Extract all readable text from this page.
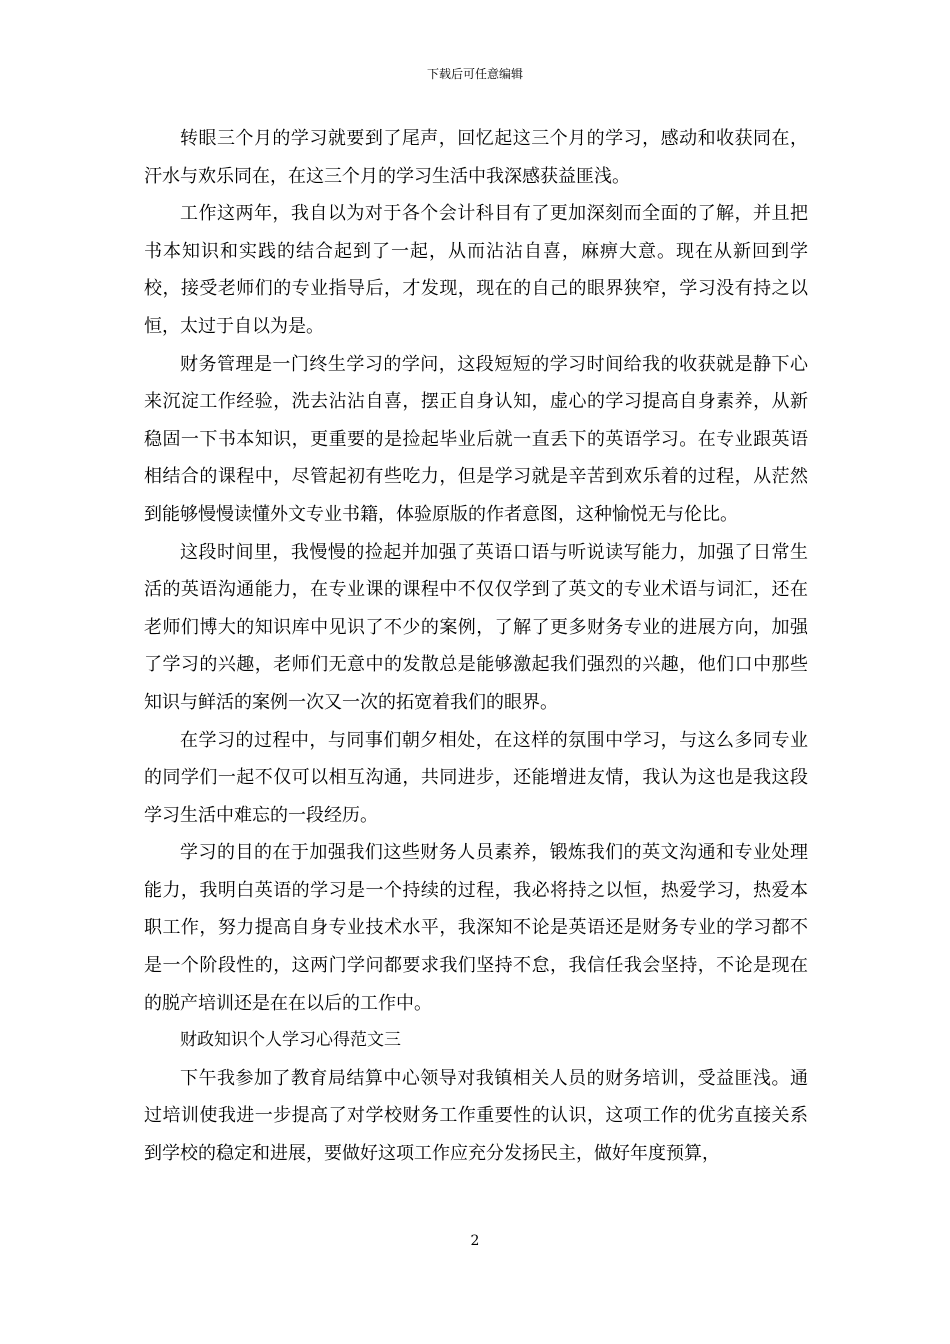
下载后可任意编辑

转眼三个月的学习就要到了尾声，回忆起这三个月的学习，感动和收获同在，汗水与欢乐同在，在这三个月的学习生活中我深感获益匪浅。

工作这两年，我自以为对于各个会计科目有了更加深刻而全面的了解，并且把书本知识和实践的结合起到了一起，从而沾沾自喜，麻痹大意。现在从新回到学校，接受老师们的专业指导后，才发现，现在的自己的眼界狭窄，学习没有持之以恒，太过于自以为是。

财务管理是一门终生学习的学问，这段短短的学习时间给我的收获就是静下心来沉淀工作经验，洗去沾沾自喜，摆正自身认知，虚心的学习提高自身素养，从新稳固一下书本知识，更重要的是捡起毕业后就一直丢下的英语学习。在专业跟英语相结合的课程中，尽管起初有些吃力，但是学习就是辛苦到欢乐着的过程，从茫然到能够慢慢读懂外文专业书籍，体验原版的作者意图，这种愉悦无与伦比。

这段时间里，我慢慢的捡起并加强了英语口语与听说读写能力，加强了日常生活的英语沟通能力，在专业课的课程中不仅仅学到了英文的专业术语与词汇，还在老师们博大的知识库中见识了不少的案例，了解了更多财务专业的进展方向，加强了学习的兴趣，老师们无意中的发散总是能够激起我们强烈的兴趣，他们口中那些知识与鲜活的案例一次又一次的拓宽着我们的眼界。

在学习的过程中，与同事们朝夕相处，在这样的氛围中学习，与这么多同专业的同学们一起不仅可以相互沟通，共同进步，还能增进友情，我认为这也是我这段学习生活中难忘的一段经历。

学习的目的在于加强我们这些财务人员素养，锻炼我们的英文沟通和专业处理能力，我明白英语的学习是一个持续的过程，我必将持之以恒，热爱学习，热爱本职工作，努力提高自身专业技术水平，我深知不论是英语还是财务专业的学习都不是一个阶段性的，这两门学问都要求我们坚持不怠，我信任我会坚持，不论是现在的脱产培训还是在在以后的工作中。

财政知识个人学习心得范文三

下午我参加了教育局结算中心领导对我镇相关人员的财务培训，受益匪浅。通过培训使我进一步提高了对学校财务工作重要性的认识，这项工作的优劣直接关系到学校的稳定和进展，要做好这项工作应充分发扬民主，做好年度预算，

2
